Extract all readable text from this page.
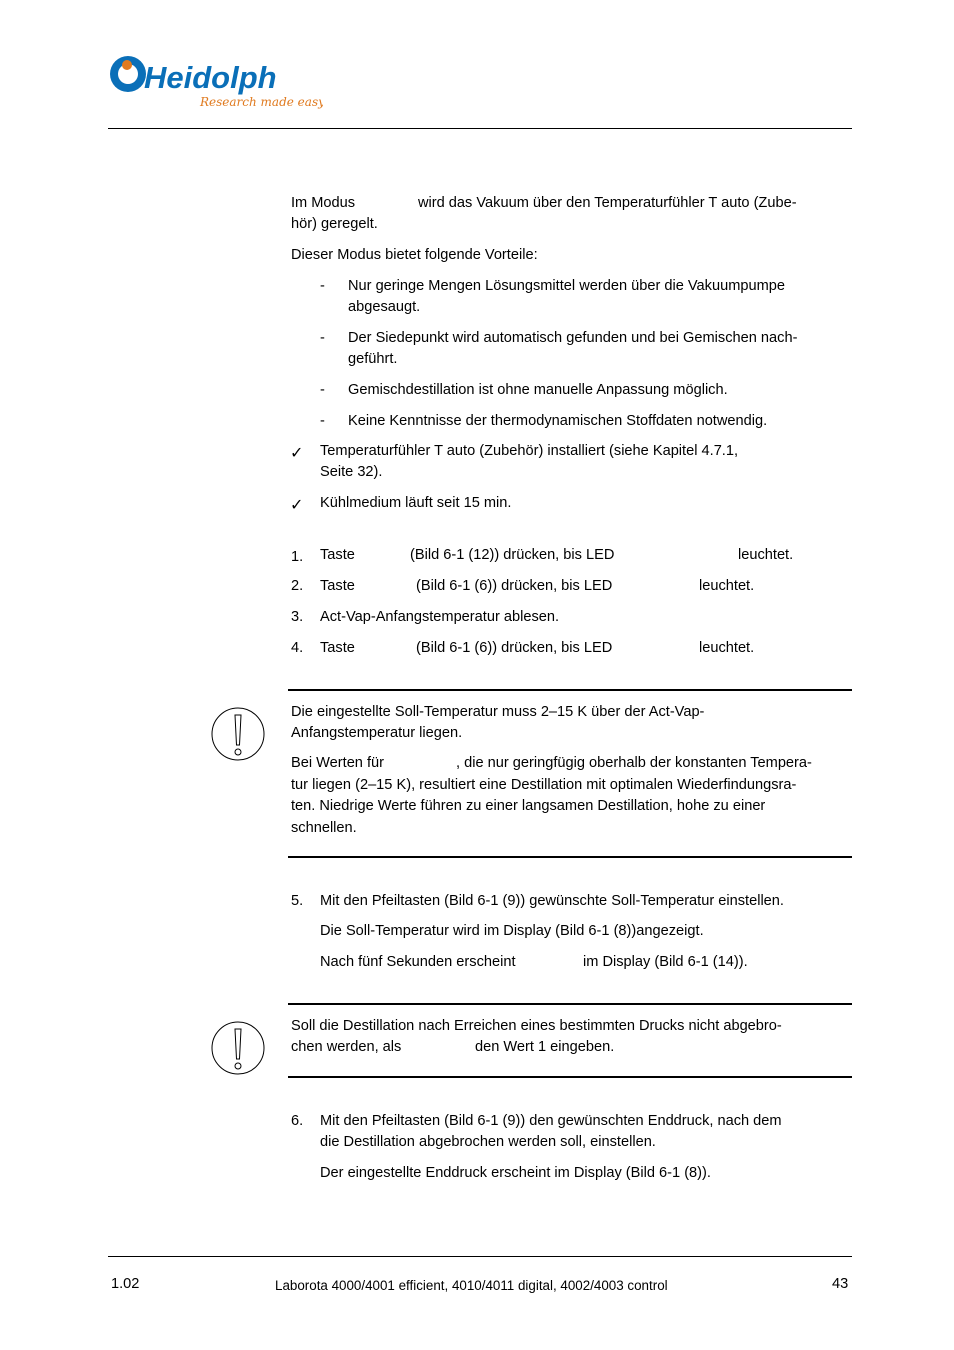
Heidolph
Research made easy
Im Modus	wird das Vakuum über den Temperaturfühler T auto (Zube-
hör) geregelt.
Dieser Modus bietet folgende Vorteile:
- Nur geringe Mengen Lösungsmittel werden über die Vakuumpumpe
abgesaugt.
- Der Siedepunkt wird automatisch gefunden und bei Gemischen nach-
geführt.
- Gemischdestillation ist ohne manuelle Anpassung möglich.
- Keine Kenntnisse der thermodynamischen Stoffdaten notwendig.
✓ Temperaturfühler T auto (Zubehör) installiert (siehe Kapitel 4.7.1,
Seite 32).
✓ Kühlmedium läuft seit 15 min.
1. Taste	(Bild 6-1 (12)) drücken, bis LED	leuchtet.
2. Taste	(Bild 6-1 (6)) drücken, bis LED	leuchtet.
3. Act-Vap-Anfangstemperatur ablesen.
4. Taste	(Bild 6-1 (6)) drücken, bis LED	leuchtet.
Die eingestellte Soll-Temperatur muss 2–15 K über der Act-Vap-
Anfangstemperatur liegen.
Bei Werten für	, die nur geringfügig oberhalb der konstanten Tempera-
tur liegen (2–15 K), resultiert eine Destillation mit optimalen Wiederfindungsra-
ten. Niedrige Werte führen zu einer langsamen Destillation, hohe zu einer
schnellen.
5. Mit den Pfeiltasten (Bild 6-1 (9)) gewünschte Soll-Temperatur einstellen.
Die Soll-Temperatur wird im Display (Bild 6-1 (8))angezeigt.
Nach fünf Sekunden erscheint	im Display (Bild 6-1 (14)).
Soll die Destillation nach Erreichen eines bestimmten Drucks nicht abgebro-
chen werden, als	den Wert 1 eingeben.
6. Mit den Pfeiltasten (Bild 6-1 (9)) den gewünschten Enddruck, nach dem
die Destillation abgebrochen werden soll, einstellen.
Der eingestellte Enddruck erscheint im Display (Bild 6-1 (8)).
1.02	Laborota 4000/4001 efficient, 4010/4011 digital, 4002/4003 control	43
